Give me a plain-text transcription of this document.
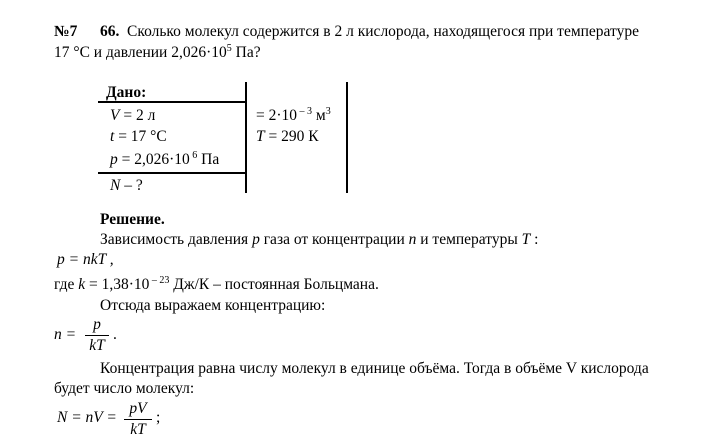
№7 66. Сколько молекул содержится в 2 л кислорода, находящегося при температуре
17 °С и давлении $2,026\cdot 10^5$ Па?
Дано:
V = 2 л
t = 17 °С
p = 2,026·10 $^6$ Па
N – ?
= 2·10 $^{- 3}$ $м^3$
T = 290 К
Решение.
Зависимость давления p газа от концентрации n и температуры T :
p = nkT ,
где k = 1,38·10 $^{- 23}$ Дж/К – постоянная Больцмана.
Отсюда выражаем концентрацию:
n =
p
kT
.
Концентрация равна числу молекул в единице объёма. Тогда в объёме V кислорода
будет число молекул:
N = nV =
pV
kT
;
